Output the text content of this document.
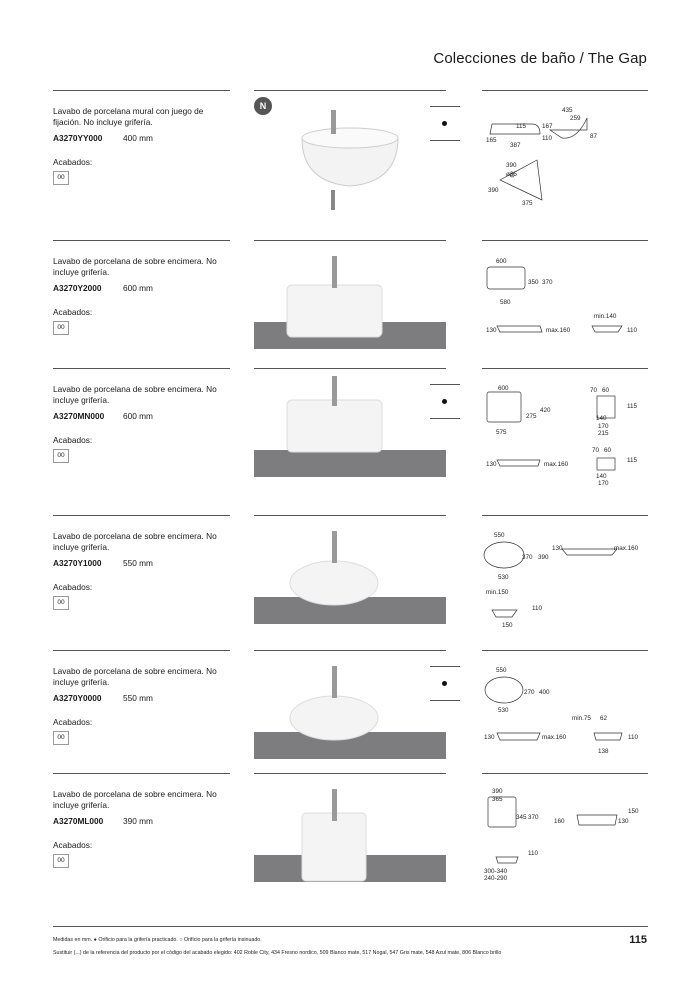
Colecciones de baño / The Gap
Lavabo de porcelana mural con juego de fijación. No incluye grifería.
A3270YY000 400 mm
Acabados:
00
435
259
115	167
165
387
110	87
390
ø35
390
375
Lavabo de porcelana de sobre encimera. No incluye grifería.
A3270Y2000	600 mm
Acabados:
00
600
350 370
580
130	max.160
min.140
110
Lavabo de porcelana de sobre encimera. No incluye grifería.
A3270MN000 600 mm
Acabados:
00
600
275
420
575
70 60
115
140
170
215
130	max.160
70 60
115
140
170
Lavabo de porcelana de sobre encimera. No incluye grifería.
A3270Y1000	550 mm
Acabados:
00
550
370 390
530
130	max.160
min.150
110
150
Lavabo de porcelana de sobre encimera. No incluye grifería.
A3270Y0000	550 mm
Acabados:
00
550
270 400
530
130	max.160
min.75 62
110
138
Lavabo de porcelana de sobre encimera. No incluye grifería.
A3270ML000 390 mm
Acabados:
00
390
365
345 370
160
150
130
110
300-340
240-290
Medidas en mm. ● Orificio para la grifería practicado. ○ Orificio para la grifería insinuado.
Sustituir (...) de la referencia del producto por el código del acabado elegido: 402 Roble City, 434 Fresno nordico, 509 Blanco mate, 517 Nogal, 547 Gris mate, 548 Azul mate, 806 Blanco brillo
115
N
